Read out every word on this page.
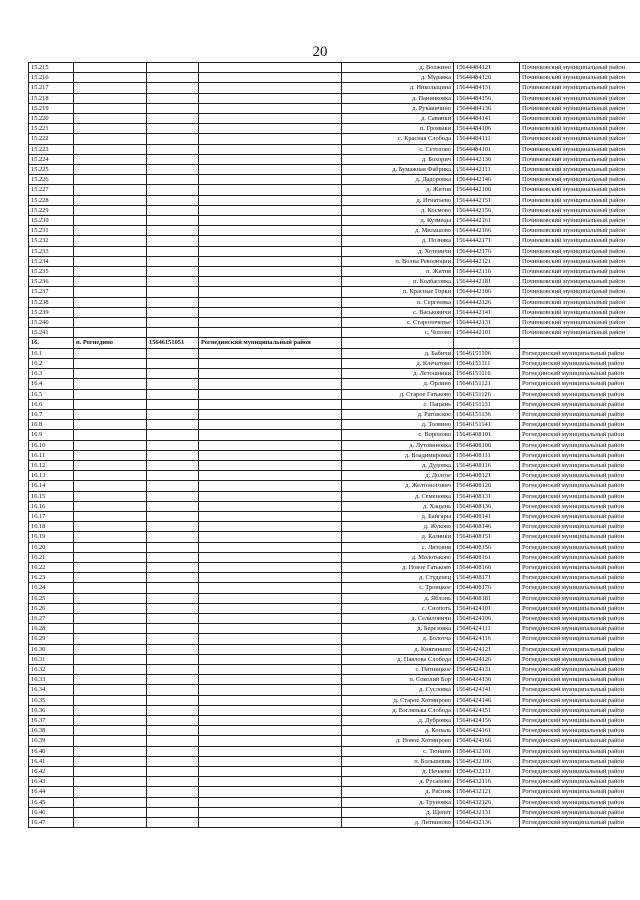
20
15.215				д. Волжино	15644484121	Починковский муниципальный район
15.216				д. Муравка	15644484126	Починковский муниципальный район
15.217				д. Никольщина	15644484131	Починковский муниципальный район
15.218				д. Панинковка	15644484156	Починковский муниципальный район
15.219				д. Рукавичино	15644484136	Починковский муниципальный район
15.220				д. Савинки	15644484141	Починковский муниципальный район
15.221				п. Громыки	15644484106	Починковский муниципальный район
15.222				с. Красная Слобода	15644484111	Починковский муниципальный район
15.223				с. Сетолово	15644484101	Починковский муниципальный район
15.224				д. Бохорич	15644442136	Починковский муниципальный район
15.225				д. Бумажная Фабрика	15644442111	Починковский муниципальный район
15.226				д. Дадоровка	15644442146	Починковский муниципальный район
15.227				д. Житня	15644442106	Починковский муниципальный район
15.228				д. Игнатьево	15644442151	Починковский муниципальный район
15.229				д. Космово	15644442156	Починковский муниципальный район
15.230				д. Кузмецы	15644442161	Починковский муниципальный район
15.231				д. Милашово	15644442166	Починковский муниципальный район
15.232				д. Позняка	15644442171	Починковский муниципальный район
15.233				д. Хотеничи	15644442176	Починковский муниципальный район
15.234				п. Волна Революции	15644442121	Починковский муниципальный район
15.235				п. Житня	15644442116	Починковский муниципальный район
15.236				п. Колбасовка	15644442181	Починковский муниципальный район
15.237				п. Красные Горки	15644442186	Починковский муниципальный район
15.238				п. Сергеевка	15644442126	Починковский муниципальный район
15.239				с. Васьковичи	15644442141	Починковский муниципальный район
15.240				с. Старопочепье	15644442131	Починковский муниципальный район
15.241				с. Чопово	15644442101	Починковский муниципальный район
16.	п. Рогнедино	15646151051	Рогнединский муниципальный район			
16.1				д. Бабичи	15646151106	Рогнединский муниципальный район
16.2				д. Клечатово	15646151111	Рогнединский муниципальный район
16.3				д. Летошники	15646151116	Рогнединский муниципальный район
16.4				д. Орлино	15646151121	Рогнединский муниципальный район
16.5				д. Старое Гатьково	15646151126	Рогнединский муниципальный район
16.6				с. Пацынь	15646151131	Рогнединский муниципальный район
16.7				д. Ратовское	15646151136	Рогнединский муниципальный район
16.8				д. Толвино	15646151141	Рогнединский муниципальный район
16.9				с. Вороново	15646408101	Рогнединский муниципальный район
16.10				д. Лутовиновка	15646408106	Рогнединский муниципальный район
16.11				д. Владимировка	15646408111	Рогнединский муниципальный район
16.12				д. Дудовка	15646408116	Рогнединский муниципальный район
16.13				д. Долгое	15646408121	Рогнединский муниципальный район
16.14				д. Желтоногович	15646408126	Рогнединский муниципальный район
16.15				д. Семеновка	15646408131	Рогнединский муниципальный район
16.16				д. Хацынь	15646408136	Рогнединский муниципальный район
16.17				д. Байгары	15646408141	Рогнединский муниципальный район
16.18				д. Жуково	15646408146	Рогнединский муниципальный район
16.19				д. Казинки	15646408151	Рогнединский муниципальный район
16.20				с. Литовня	15646408156	Рогнединский муниципальный район
16.21				д. Молотьково	15646408161	Рогнединский муниципальный район
16.22				д. Новое Гатьково	15646408166	Рогнединский муниципальный район
16.23				д. Студенец	15646408171	Рогнединский муниципальный район
16.24				с. Троицкое	15646408176	Рогнединский муниципальный район
16.25				д. Яблонь	15646408181	Рогнединский муниципальный район
16.26				с. Снопоть	15646424101	Рогнединский муниципальный район
16.27				д. Селиловичи	15646424106	Рогнединский муниципальный район
16.28				д. Березовка	15646424111	Рогнединский муниципальный район
16.29				д. Болотча	15646424116	Рогнединский муниципальный район
16.30				д. Княгинино	15646424121	Рогнединский муниципальный район
16.31				д. Павлова Слобода	15646424126	Рогнединский муниципальный район
16.32				с. Пятницкое	15646424131	Рогнединский муниципальный район
16.33				п. Соколий Бор	15646424136	Рогнединский муниципальный район
16.34				д. Сусловка	15646424141	Рогнединский муниципальный район
16.35				д. Старое Хотмирово	15646424146	Рогнединский муниципальный район
16.36				д. Вэглянька Слобода	15646424151	Рогнединский муниципальный район
16.37				д. Дубровка	15646424156	Рогнединский муниципальный район
16.38				д. Копаль	15646424161	Рогнединский муниципальный район
16.39				д. Новое Хотмирово	15646424166	Рогнединский муниципальный район
16.40				с. Тюнино	15646432101	Рогнединский муниципальный район
16.41				п. Большевик	15646432106	Рогнединский муниципальный район
16.42				д. Нечаево	15646432111	Рогнединский муниципальный район
16.43				д. Русаново	15646432116	Рогнединский муниципальный район
16.44				д. Расник	15646432121	Рогнединский муниципальный район
16.45				д. Труновка	15646432126	Рогнединский муниципальный район
16.46				д. Щепет	15646432131	Рогнединский муниципальный район
16.47				д. Литвиново	15646432136	Рогнединский муниципальный район
